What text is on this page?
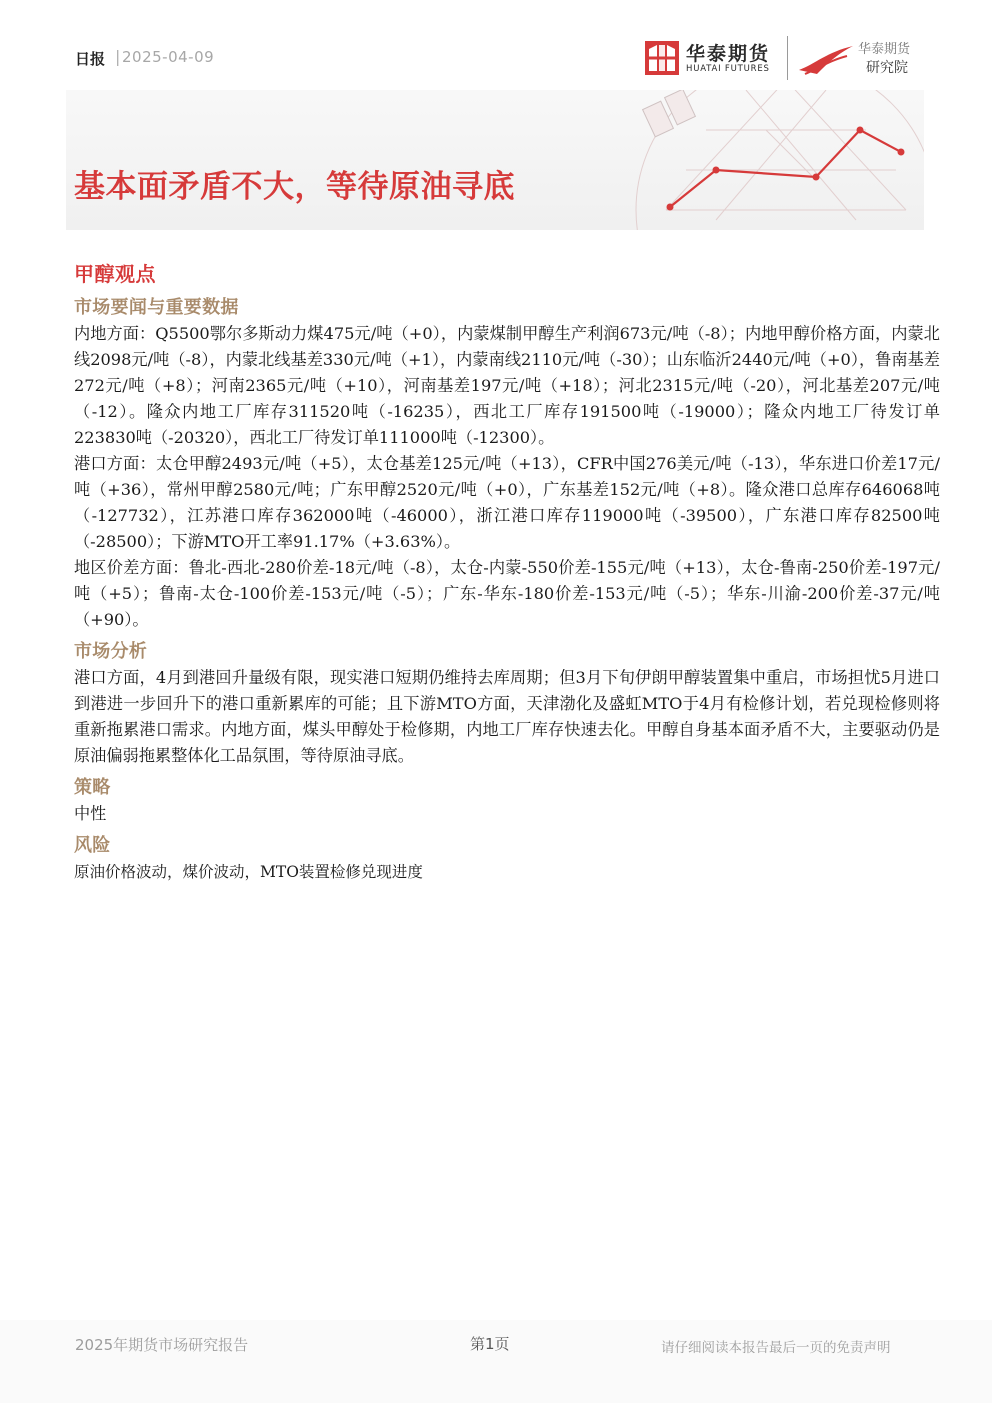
日报 | 2025-04-09	华泰期货
HUATAI FUTURES
华泰期货
研究院
基本面矛盾不大，等待原油寻底
甲醇观点
市场要闻与重要数据

内地方面：Q5500鄂尔多斯动力煤475元/吨（+0），内蒙煤制甲醇生产利润673元/吨（-8）；内地甲醇价格方面，内蒙北线2098元/吨（-8），内蒙北线基差330元/吨（+1），内蒙南线2110元/吨（-30）；山东临沂2440元/吨（+0），鲁南基差272元/吨（+8）；河南2365元/吨（+10），河南基差197元/吨（+18）；河北2315元/吨（-20），河北基差207元/吨（-12）。隆众内地工厂库存311520吨（-16235），西北工厂库存191500吨（-19000）；隆众内地工厂待发订单223830吨（-20320），西北工厂待发订单111000吨（-12300）。

港口方面：太仓甲醇2493元/吨（+5），太仓基差125元/吨（+13），CFR中国276美元/吨（-13），华东进口价差17元/吨（+36），常州甲醇2580元/吨；广东甲醇2520元/吨（+0），广东基差152元/吨（+8）。隆众港口总库存646068吨（-127732），江苏港口库存362000吨（-46000），浙江港口库存119000吨（-39500），广东港口库存82500吨（-28500）；下游MTO开工率91.17%（+3.63%）。

地区价差方面：鲁北-西北-280价差-18元/吨（-8），太仓-内蒙-550价差-155元/吨（+13），太仓-鲁南-250价差-197元/吨（+5）；鲁南-太仓-100价差-153元/吨（-5）；广东-华东-180价差-153元/吨（-5）；华东-川渝-200价差-37元/吨（+90）。

市场分析

港口方面，4月到港回升量级有限，现实港口短期仍维持去库周期；但3月下旬伊朗甲醇装置集中重启，市场担忧5月进口到港进一步回升下的港口重新累库的可能；且下游MTO方面，天津渤化及盛虹MTO于4月有检修计划，若兑现检修则将重新拖累港口需求。内地方面，煤头甲醇处于检修期，内地工厂库存快速去化。甲醇自身基本面矛盾不大，主要驱动仍是原油偏弱拖累整体化工品氛围，等待原油寻底。

策略

中性

风险

原油价格波动，煤价波动，MTO装置检修兑现进度

2025年期货市场研究报告	第1页	请仔细阅读本报告最后一页的免责声明
